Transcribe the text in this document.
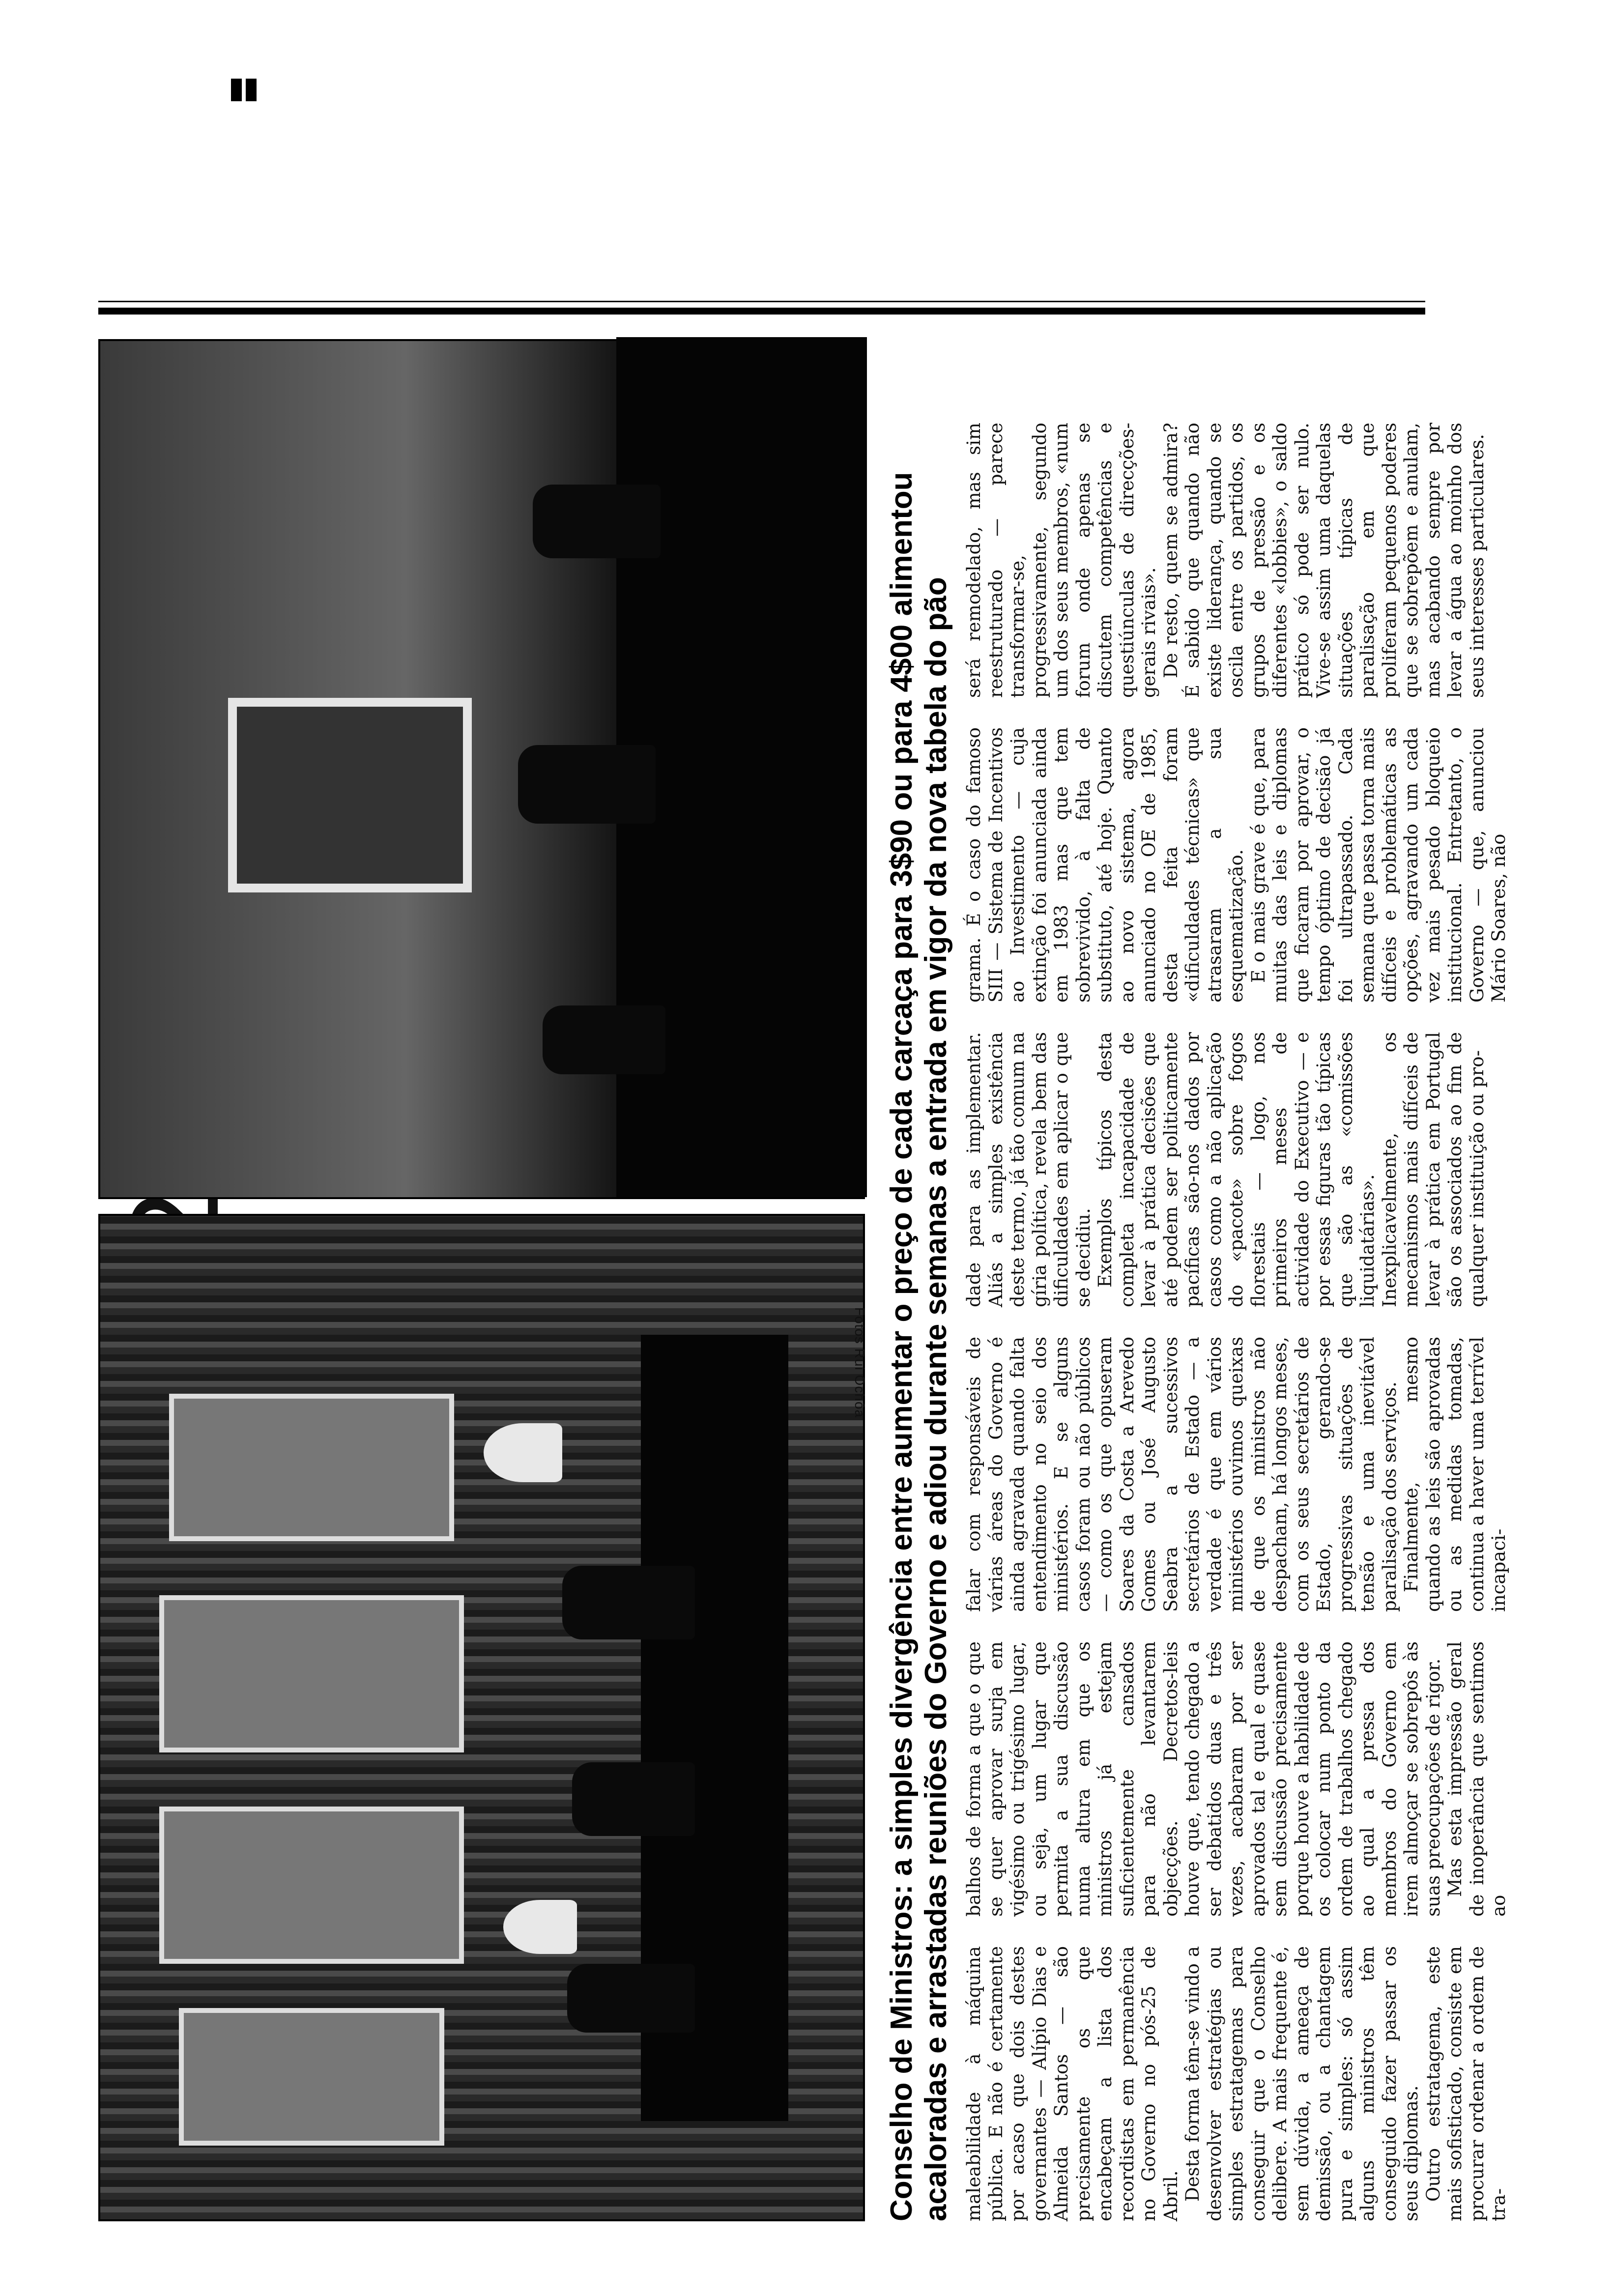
Fotos Rui Ochôa Conselho de Ministros: a simples divergência entre aumentar o preço de cada carcaça para 3$90 ou para 4$00 alimentou acaloradas e arrastadas reuniões do Governo e adiou durante semanas a entrada em vigor da nova tabela do pão maleabilidade à máquina pública. E não é certamente por acaso que dois destes governantes — Alípio Dias e Almeida Santos — são precisamente os que encabeçam a lista dos recordistas em permanência no Governo no pós-25 de Abril. Desta forma têm-se vindo a desenvolver estratégias ou simples estratagemas para conseguir que o Conselho delibere. A mais frequente é, sem dúvida, a ameaça de demissão, ou a chantagem pura e simples: só assim alguns ministros têm conseguido fazer passar os seus diplomas. Outro estratagema, este mais sofisticado, consiste em procurar ordenar a ordem de tra-

balhos de forma a que o que se quer aprovar surja em vigésimo ou trigésimo lugar, ou seja, um lugar que permita a sua discussão numa altura em que os ministros já estejam suficientemente cansados para não levantarem objecções. Decretos-leis houve que, tendo chegado a ser debatidos duas e três vezes, acabaram por ser aprovados tal e qual e quase sem discussão precisamente porque houve a habilidade de os colocar num ponto da ordem de trabalhos chegado ao qual a pressa dos membros do Governo em irem almoçar se sobrepôs às suas preocupações de rigor. Mas esta impressão geral de inoperância que sentimos ao

falar com responsáveis de várias áreas do Governo é ainda agravada quando falta entendimento no seio dos ministérios. E se alguns casos foram ou não públicos — como os que opuseram Soares da Costa a Arevedo Gomes ou José Augusto Seabra a sucessivos secretários de Estado — a verdade é que em vários ministérios ouvimos queixas de que os ministros não despacham, há longos meses, com os seus secretários de Estado, gerando-se progressivas situações de tensão e uma inevitável paralisação dos serviços. Finalmente, mesmo quando as leis são aprovadas ou as medidas tomadas, continua a haver uma terrível incapaci-

dade para as implementar. Aliás a simples existência deste termo, já tão comum na gíria política, revela bem das dificuldades em aplicar o que se decidiu. Exemplos típicos desta completa incapacidade de levar à prática decisões que até podem ser politicamente pacíficas são-nos dados por casos como a não aplicação do «pacote» sobre fogos florestais — logo, nos primeiros meses de actividade do Executivo — e por essas figuras tão típicas que são as «comissões liquidatárias». Inexplicavelmente, os mecanismos mais difíceis de levar à prática em Portugal são os associados ao fim de qualquer instituição ou pro-

grama. É o caso do famoso SIII — Sistema de Incentivos ao Investimento — cuja extinção foi anunciada ainda em 1983 mas que tem sobrevivido, à falta de substituto, até hoje. Quanto ao novo sistema, agora anunciado no OE de 1985, desta feita foram «dificuldades técnicas» que atrasaram a sua esquematização. E o mais grave é que, para muitas das leis e diplomas que ficaram por aprovar, o tempo óptimo de decisão já foi ultrapassado. Cada semana que passa torna mais difíceis e problemáticas as opções, agravando um cada vez mais pesado bloqueio institucional. Entretanto, o Governo — que, anunciou Mário Soares, não

será remodelado, mas sim reestruturado — parece transformar-se, progressivamente, segundo um dos seus membros, «num forum onde apenas se discutem competências e questiúnculas de direcções-gerais rivais». De resto, quem se admira? É sabido que quando não existe liderança, quando se oscila entre os partidos, os grupos de pressão e os diferentes «lobbies», o saldo prático só pode ser nulo. Vive-se assim uma daquelas situações típicas de paralisação em que proliferam pequenos poderes que se sobrepõem e anulam, mas acabando sempre por levar a água ao moinho dos seus interesses particulares.
